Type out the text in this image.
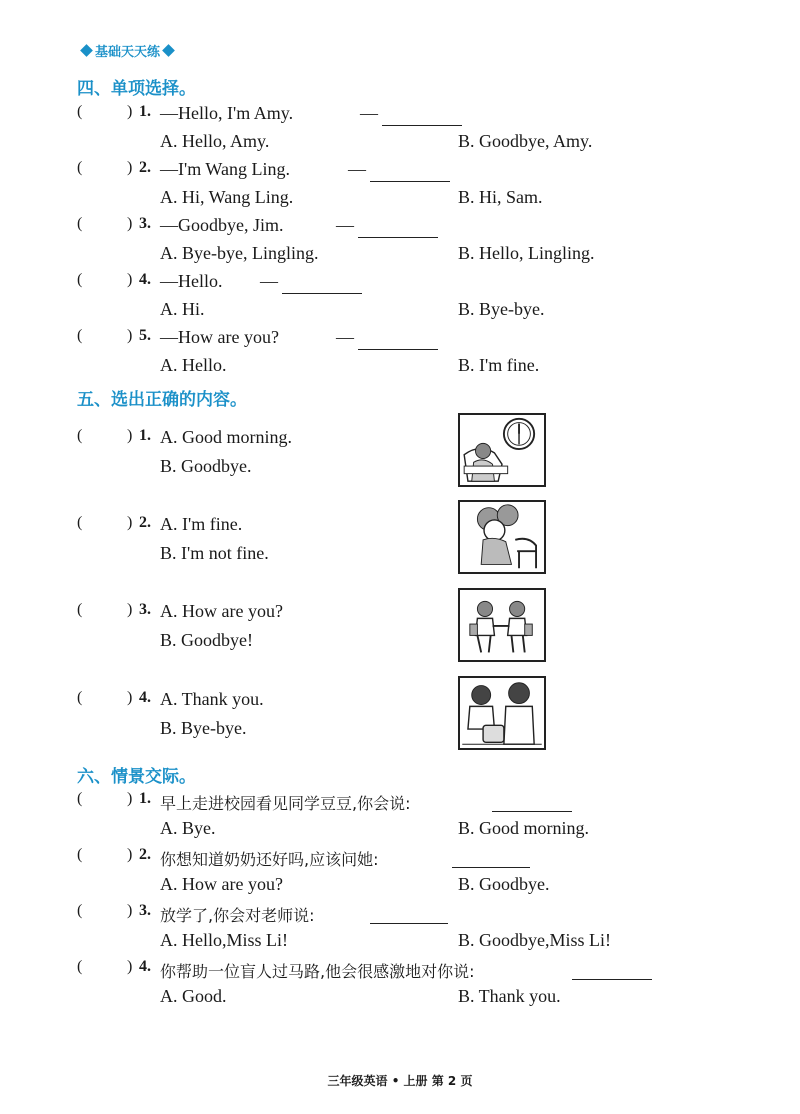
基础天天练
四、单项选择。
(	) 1. —Hello, I'm Amy.	—
A. Hello, Amy.	B. Goodbye, Amy.
(	) 2. —I'm Wang Ling.	—
A. Hi, Wang Ling.	B. Hi, Sam.
(	) 3. —Goodbye, Jim.	—
A. Bye-bye, Lingling.	B. Hello, Lingling.
(	) 4. —Hello. —
A. Hi.	B. Bye-bye.
(	) 5. —How are you?	—
A. Hello.	B. I'm fine.
五、选出正确的内容。
(	) 1. A. Good morning.
B. Goodbye.
(	) 2. A. I'm fine.
B. I'm not fine.
(	) 3. A. How are you?
B. Goodbye!
(	) 4. A. Thank you.
B. Bye-bye.
六、情景交际。
(	) 1. 早上走进校园看见同学豆豆,你会说:
A. Bye.	B. Good morning.
(	) 2. 你想知道奶奶还好吗,应该问她:
A. How are you?	B. Goodbye.
(	) 3. 放学了,你会对老师说:
A. Hello,Miss Li!	B. Goodbye,Miss Li!
(	) 4. 你帮助一位盲人过马路,他会很感激地对你说:
A. Good.	B. Thank you.
三年级英语 • 上册 第 2 页
